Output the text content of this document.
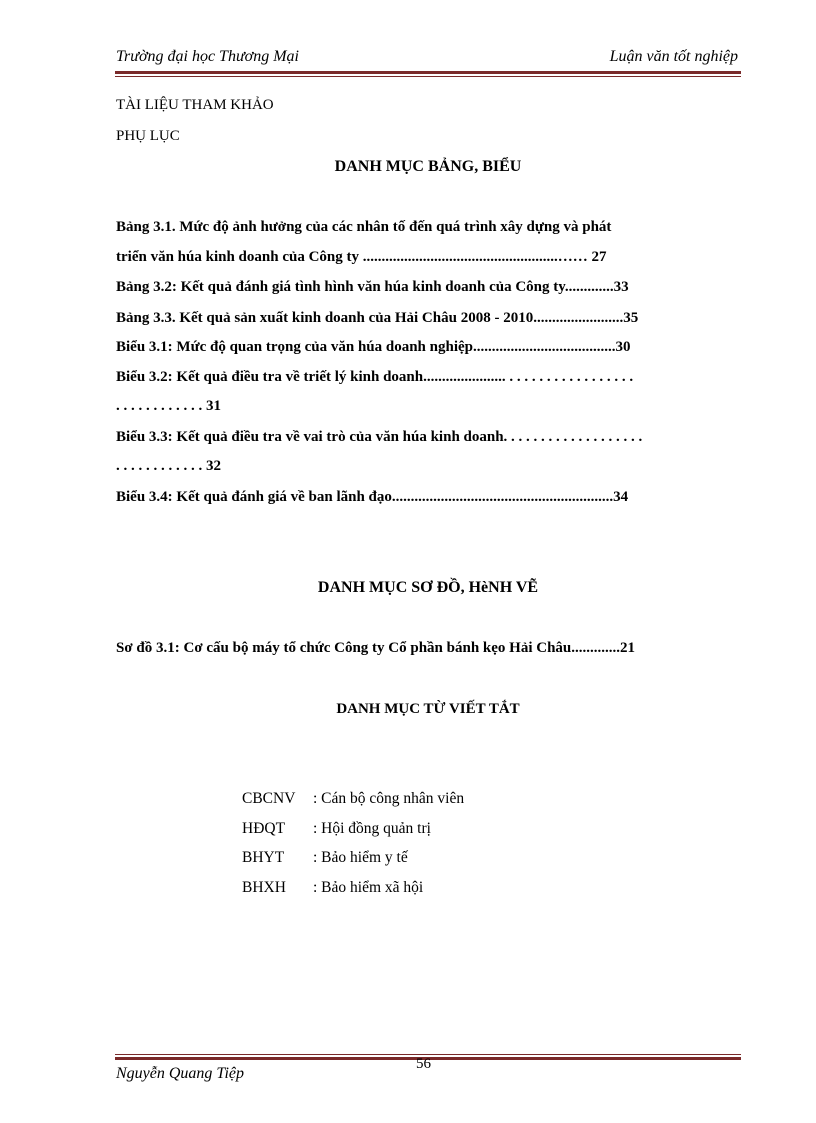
Trường đại học Thương Mại	Luận văn tốt nghiệp
TÀI LIỆU THAM KHẢO
PHỤ LỤC
DANH MỤC BẢNG, BIỂU
Bảng 3.1. Mức độ ảnh hưởng của các nhân tố đến quá trình xây dựng và phát
triển văn húa kinh doanh của Công ty ....................................................…… 27
Bảng 3.2: Kết quả đánh giá tình hình văn húa kinh doanh của Công ty.............33
Bảng 3.3. Kết quả sản xuất kinh doanh của Hải Châu 2008 - 2010........................35
Biểu 3.1: Mức độ quan trọng của văn húa doanh nghiệp......................................30
Biểu 3.2: Kết quả điều tra về triết lý kinh doanh...................... . . . . . . . . . . . . . . . . .
. . . . . . . . . . . . 31
Biểu 3.3: Kết quả điều tra về vai trò của văn húa kinh doanh. . . . . . . . . . . . . . . . . . .
. . . . . . . . . . . . 32
Biểu 3.4: Kết quả đánh giá về ban lãnh đạo...........................................................34
DANH MỤC SƠ ĐỒ, HèNH VẼ
Sơ đồ 3.1: Cơ cấu bộ máy tổ chức Công ty Cổ phần bánh kẹo Hải Châu.............21
DANH MỤC TỪ VIẾT TẮT
CBCNV : Cán bộ công nhân viên
HĐQT : Hội đồng quản trị
BHYT : Bảo hiểm y tế
BHXH : Bảo hiểm xã hội
56
Nguyễn Quang Tiệp
